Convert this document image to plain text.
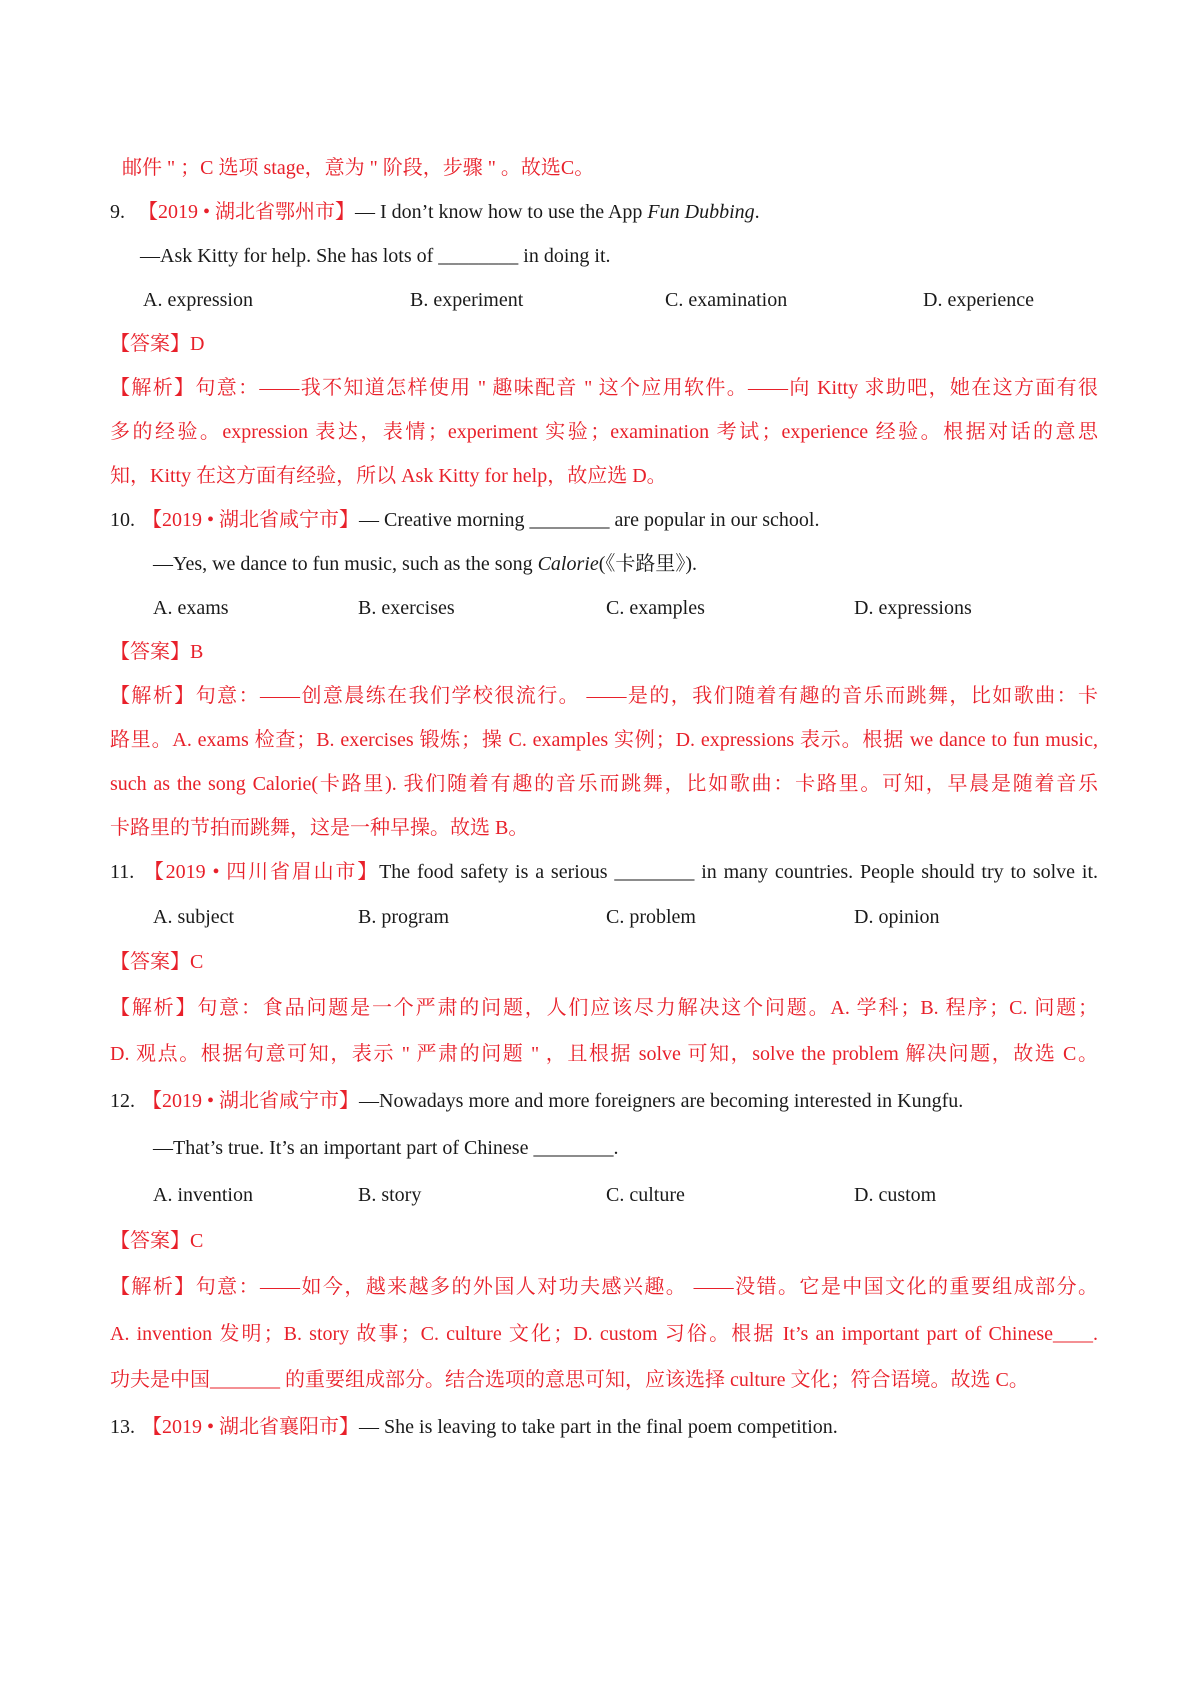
邮件 " ；C 选项 stage，意为 " 阶段，步骤 " 。故选C。
9. 【2019 • 湖北省鄂州市】— I don’t know how to use the App Fun Dubbing.
—Ask Kitty for help. She has lots of ________ in doing it.
A. expression	B. experiment	C. examination	D. experience
【答案】D
【解析】句意：——我不知道怎样使用 " 趣味配音 " 这个应用软件。——向 Kitty 求助吧，她在这方面有很
多的经验。expression 表达，表情；experiment 实验；examination 考试；experience 经验。根据对话的意思
知，Kitty 在这方面有经验，所以 Ask Kitty for help，故应选 D。
10. 【2019 • 湖北省咸宁市】— Creative morning ________ are popular in our school.
—Yes, we dance to fun music, such as the song Calorie(《卡路里》).
A. exams	B. exercises	C. examples	D. expressions
【答案】B
【解析】句意：——创意晨练在我们学校很流行。 ——是的，我们随着有趣的音乐而跳舞，比如歌曲：卡
路里。A. exams 检查；B. exercises 锻炼；操 C. examples 实例；D. expressions 表示。根据 we dance to fun music,
such as the song Calorie(卡路里). 我们随着有趣的音乐而跳舞，比如歌曲：卡路里。可知，早晨是随着音乐
卡路里的节拍而跳舞，这是一种早操。故选 B。
11. 【2019 • 四川省眉山市】The food safety is a serious ________ in many countries. People should try to solve it.
A. subject	B. program	C. problem	D. opinion
【答案】C
【解析】句意：食品问题是一个严肃的问题，人们应该尽力解决这个问题。A. 学科；B. 程序；C. 问题；
D. 观点。根据句意可知，表示 " 严肃的问题 " ，且根据 solve 可知，solve the problem 解决问题，故选 C。
12. 【2019 • 湖北省咸宁市】—Nowadays more and more foreigners are becoming interested in Kungfu.
—That’s true. It’s an important part of Chinese ________.
A. invention	B. story	C. culture	D. custom
【答案】C
【解析】句意：——如今，越来越多的外国人对功夫感兴趣。 ——没错。它是中国文化的重要组成部分。
A. invention 发明；B. story 故事；C. culture 文化；D. custom 习俗。根据 It’s an important part of Chinese____.
功夫是中国_______ 的重要组成部分。结合选项的意思可知，应该选择 culture 文化；符合语境。故选 C。
13. 【2019 • 湖北省襄阳市】— She is leaving to take part in the final poem competition.
